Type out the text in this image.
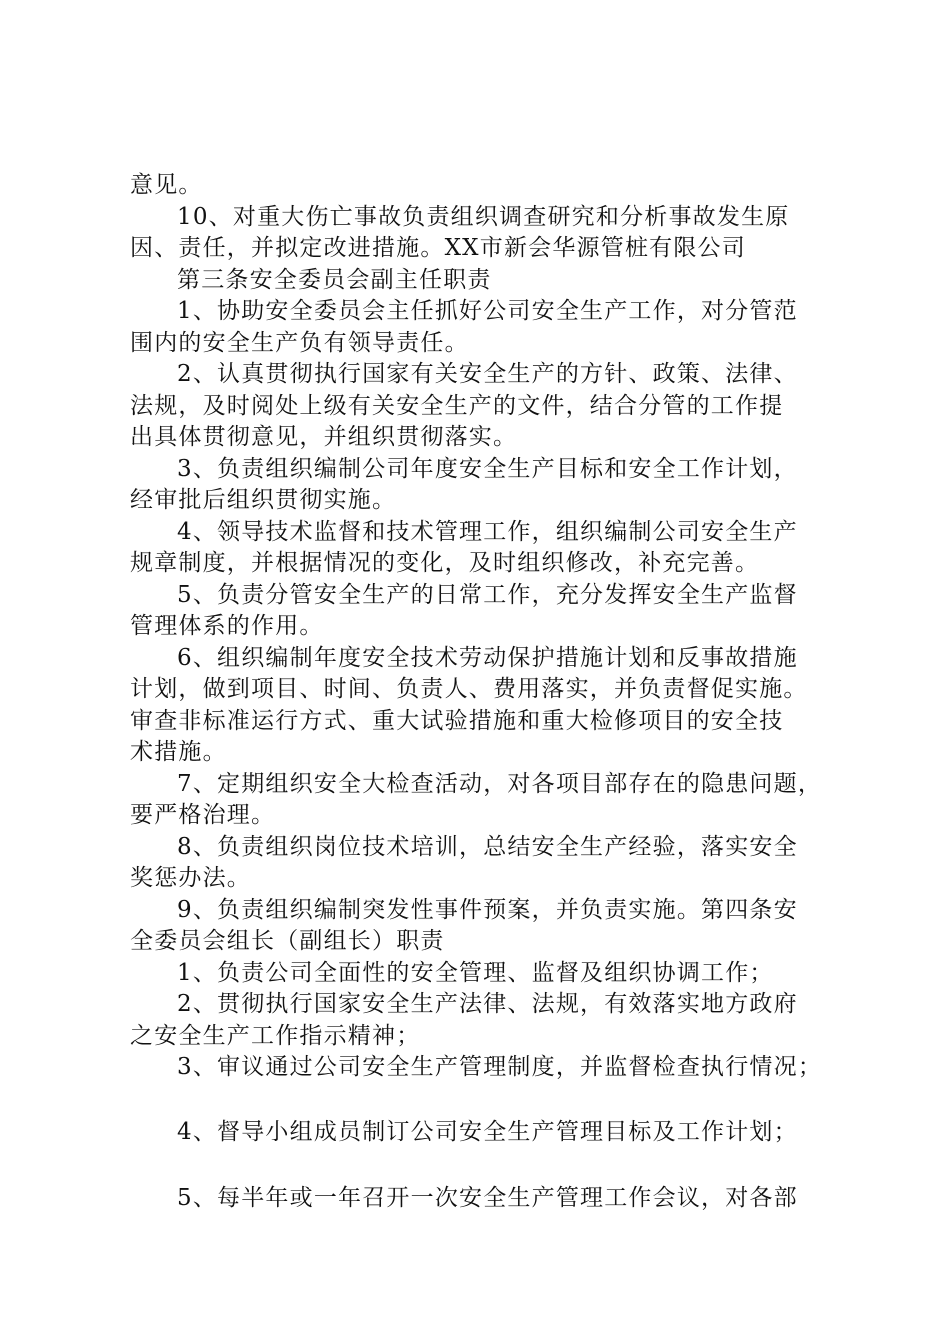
意见。
10、对重大伤亡事故负责组织调查研究和分析事故发生原
因、责任，并拟定改进措施。XX市新会华源管桩有限公司
第三条安全委员会副主任职责
1、协助安全委员会主任抓好公司安全生产工作，对分管范
围内的安全生产负有领导责任。
2、认真贯彻执行国家有关安全生产的方针、政策、法律、
法规，及时阅处上级有关安全生产的文件，结合分管的工作提
出具体贯彻意见，并组织贯彻落实。
3、负责组织编制公司年度安全生产目标和安全工作计划，
经审批后组织贯彻实施。
4、领导技术监督和技术管理工作，组织编制公司安全生产
规章制度，并根据情况的变化，及时组织修改，补充完善。
5、负责分管安全生产的日常工作，充分发挥安全生产监督
管理体系的作用。
6、组织编制年度安全技术劳动保护措施计划和反事故措施
计划，做到项目、时间、负责人、费用落实，并负责督促实施。
审查非标准运行方式、重大试验措施和重大检修项目的安全技
术措施。
7、定期组织安全大检查活动，对各项目部存在的隐患问题，
要严格治理。
8、负责组织岗位技术培训，总结安全生产经验，落实安全
奖惩办法。
9、负责组织编制突发性事件预案，并负责实施。第四条安
全委员会组长（副组长）职责
1、负责公司全面性的安全管理、监督及组织协调工作；
2、贯彻执行国家安全生产法律、法规，有效落实地方政府
之安全生产工作指示精神；
3、审议通过公司安全生产管理制度，并监督检查执行情况；
4、督导小组成员制订公司安全生产管理目标及工作计划；
5、每半年或一年召开一次安全生产管理工作会议，对各部
